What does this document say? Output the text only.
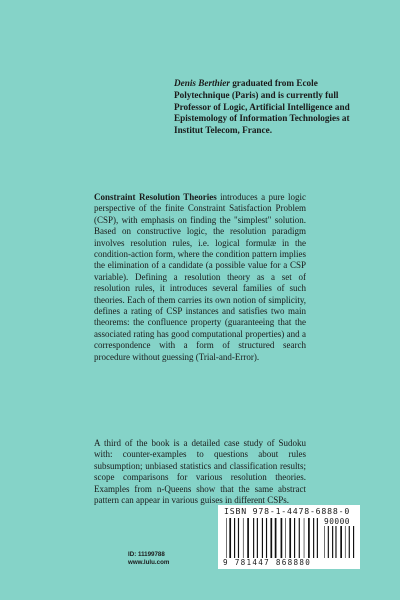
Denis Berthier graduated from Ecole Polytechnique (Paris) and is currently full Professor of Logic, Artificial Intelligence and Epistemology of Information Technologies at Institut Telecom, France.

Constraint Resolution Theories introduces a pure logic perspective of the finite Constraint Satisfaction Problem (CSP), with emphasis on finding the "simplest" solution. Based on constructive logic, the resolution paradigm involves resolution rules, i.e. logical formulæ in the condition-action form, where the condition pattern implies the elimination of a candidate (a possible value for a CSP variable). Defining a resolution theory as a set of resolution rules, it introduces several families of such theories. Each of them carries its own notion of simplicity, defines a rating of CSP instances and satisfies two main theorems: the confluence property (guaranteeing that the associated rating has good computational properties) and a correspondence with a form of structured search procedure without guessing (Trial-and-Error).

A third of the book is a detailed case study of Sudoku with: counter-examples to questions about rules subsumption; unbiased statistics and classification results; scope comparisons for various resolution theories. Examples from n-Queens show that the same abstract pattern can appear in various guises in different CSPs.

ISBN 978-1-4478-6888-0
90000
9 781447 868880
ID: 11199788
www.lulu.com
